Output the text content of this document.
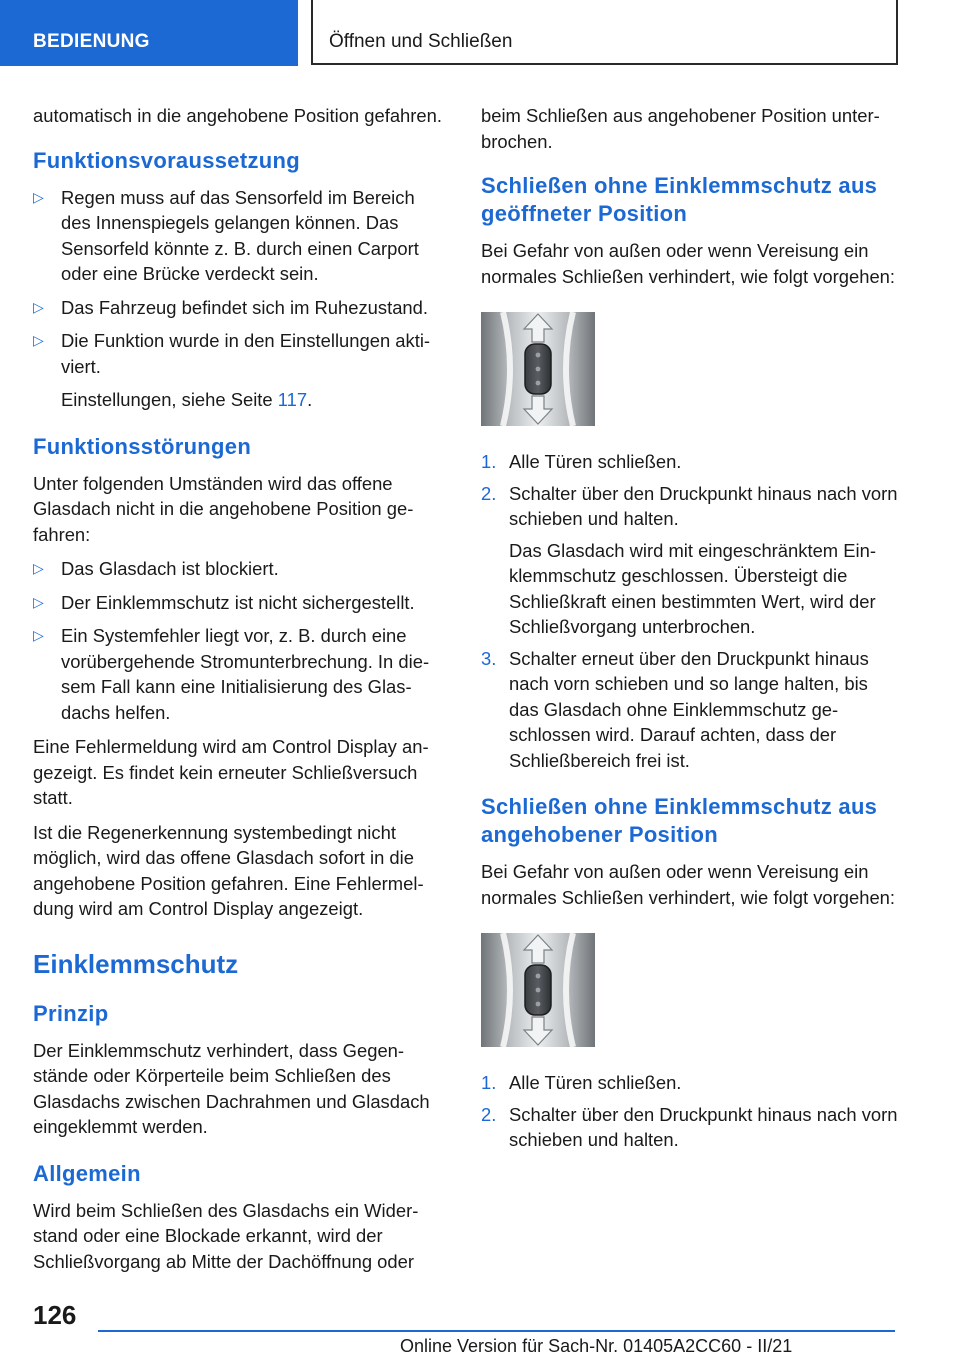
BEDIENUNG	Öffnen und Schließen

automatisch in die angehobene Position gefahren.

Funktionsvoraussetzung
▷ Regen muss auf das Sensorfeld im Bereich des Innenspiegels gelangen können. Das Sensorfeld könnte z. B. durch einen Carport oder eine Brücke verdeckt sein.
▷ Das Fahrzeug befindet sich im Ruhezustand.
▷ Die Funktion wurde in den Einstellungen aktiviert.
Einstellungen, siehe Seite 117.
Funktionsstörungen

Unter folgenden Umständen wird das offene Glasdach nicht in die angehobene Position gefahren:

▷ Das Glasdach ist blockiert.
▷ Der Einklemmschutz ist nicht sichergestellt.
▷ Ein Systemfehler liegt vor, z. B. durch eine vorübergehende Stromunterbrechung. In diesem Fall kann eine Initialisierung des Glasdachs helfen.

Eine Fehlermeldung wird am Control Display angezeigt. Es findet kein erneuter Schließversuch statt.

Ist die Regenerkennung systembedingt nicht möglich, wird das offene Glasdach sofort in die angehobene Position gefahren. Eine Fehlermeldung wird am Control Display angezeigt.

Einklemmschutz
Prinzip

Der Einklemmschutz verhindert, dass Gegenstände oder Körperteile beim Schließen des Glasdachs zwischen Dachrahmen und Glasdach eingeklemmt werden.

Allgemein

Wird beim Schließen des Glasdachs ein Widerstand oder eine Blockade erkannt, wird der Schließvorgang ab Mitte der Dachöffnung oder

beim Schließen aus angehobener Position unterbrochen.

Schließen ohne Einklemmschutz aus geöffneter Position

Bei Gefahr von außen oder wenn Vereisung ein normales Schließen verhindert, wie folgt vorgehen:

1. Alle Türen schließen.
2. Schalter über den Druckpunkt hinaus nach vorn schieben und halten.
Das Glasdach wird mit eingeschränktem Einklemmschutz geschlossen. Übersteigt die Schließkraft einen bestimmten Wert, wird der Schließvorgang unterbrochen.
3. Schalter erneut über den Druckpunkt hinaus nach vorn schieben und so lange halten, bis das Glasdach ohne Einklemmschutz geschlossen wird. Darauf achten, dass der Schließbereich frei ist.
Schließen ohne Einklemmschutz aus angehobener Position

Bei Gefahr von außen oder wenn Vereisung ein normales Schließen verhindert, wie folgt vorgehen:

1. Alle Türen schließen.
2. Schalter über den Druckpunkt hinaus nach vorn schieben und halten.
126
Online Version für Sach-Nr. 01405A2CC60 - II/21
